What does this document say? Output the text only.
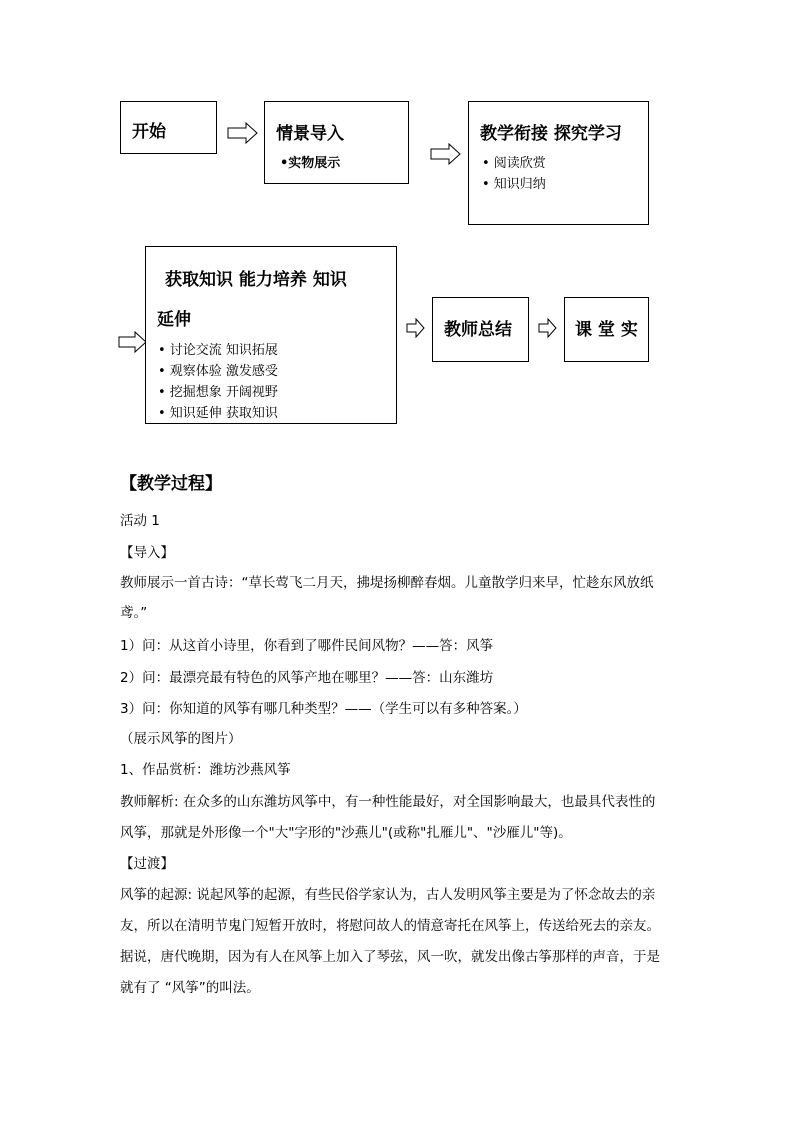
开始	情景导入
•实物展示
教学衔接 探究学习
• 阅读欣赏
• 知识归纳
获取知识 能力培养 知识
延伸
• 讨论交流 知识拓展
• 观察体验 激发感受
• 挖掘想象 开阔视野
• 知识延伸 获取知识
教师总结	课 堂 实
【教学过程】
活动 1
【导入】
教师展示一首古诗：“草长莺飞二月天，拂堤扬柳醉春烟。儿童散学归来早，忙趁东风放纸
鸢。”
1）问：从这首小诗里，你看到了哪件民间风物？——答：风筝
2）问：最漂亮最有特色的风筝产地在哪里？——答：山东潍坊
3）问：你知道的风筝有哪几种类型？——（学生可以有多种答案。）
（展示风筝的图片）
1、作品赏析：潍坊沙燕风筝
教师解析: 在众多的山东潍坊风筝中，有一种性能最好，对全国影响最大，也最具代表性的
风筝，那就是外形像一个"大"字形的"沙燕儿"(或称"扎雁儿"、"沙雁儿"等)。
【过渡】
风筝的起源: 说起风筝的起源，有些民俗学家认为，古人发明风筝主要是为了怀念故去的亲
友，所以在清明节鬼门短暂开放时，将慰问故人的情意寄托在风筝上，传送给死去的亲友。
据说，唐代晚期，因为有人在风筝上加入了琴弦，风一吹，就发出像古筝那样的声音，于是
就有了 “风筝”的叫法。
